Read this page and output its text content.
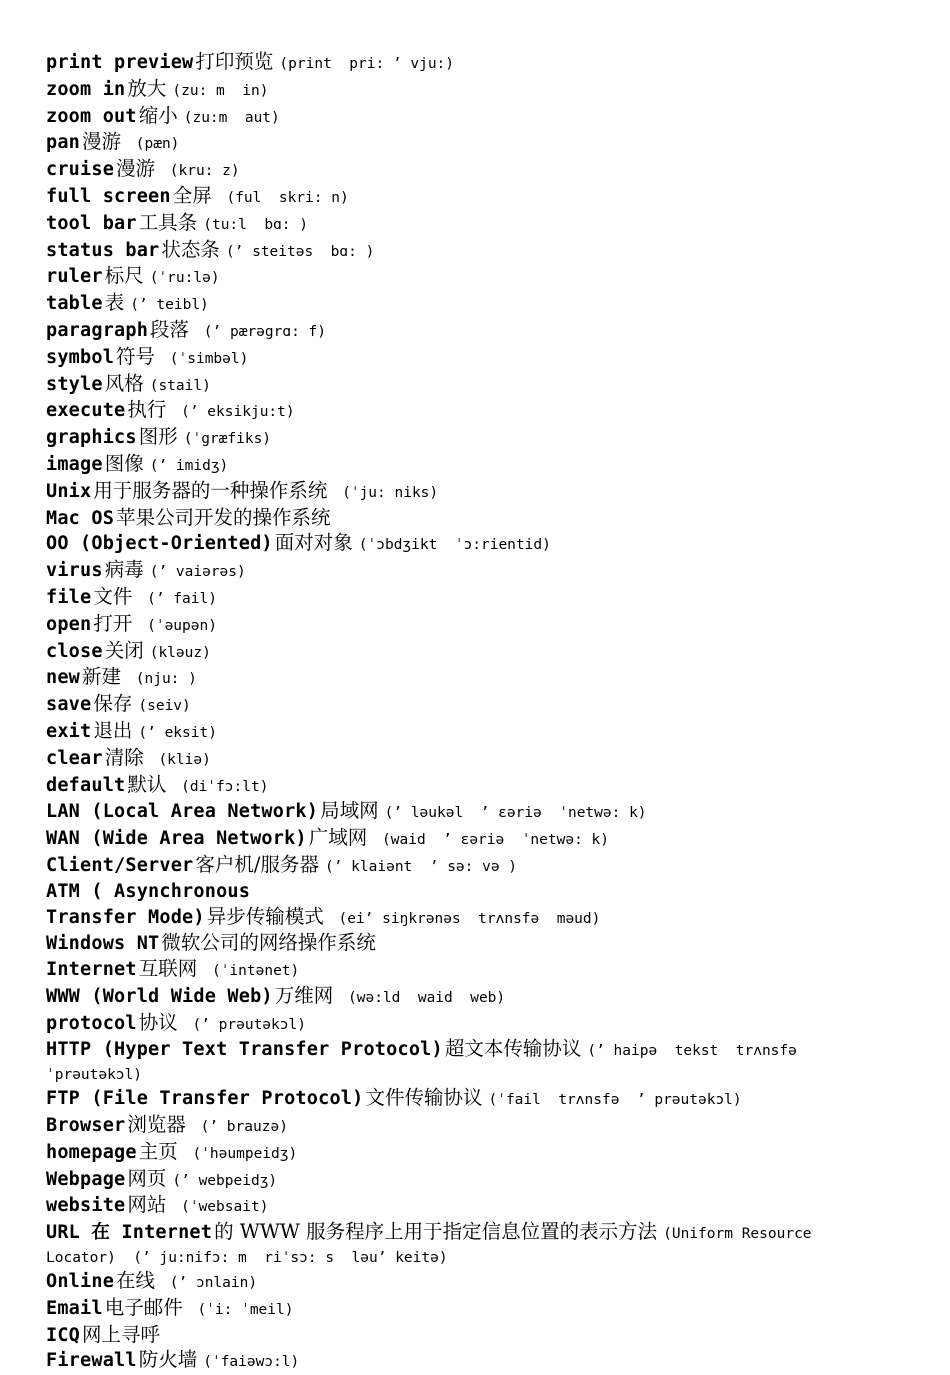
print preview 打印预览 (print  pri: ’ vju:)
zoom in 放大 (zu: m  in)
zoom out 缩小 (zu:m  aut)
pan 漫游 (pæn)
cruise 漫游 (kru: z)
full screen 全屏 (ful  skri: n)
tool bar 工具条 (tu:l  bɑ: )
status bar 状态条 (’ steitəs  bɑ: )
ruler 标尺 (ˈru:lə)
table 表 (’ teibl)
paragraph 段落 (’ pærəgrɑ: f)
symbol 符号 (ˈsimbəl)
style 风格 (stail)
execute 执行 (’ eksikju:t)
graphics 图形 (ˈgræfiks)
image 图像 (’ imidʒ)
Unix 用于服务器的一种操作系统 (ˈju: niks)
Mac OS 苹果公司开发的操作系统
OO (Object-Oriented) 面对对象 (ˈɔbdʒikt  ˈɔ:rientid)
virus 病毒 (’ vaiərəs)
file 文件 (’ fail)
open 打开 (ˈəupən)
close 关闭 (kləuz)
new 新建 (nju: )
save 保存 (seiv)
exit 退出 (’ eksit)
clear 清除 (kliə)
default 默认 (diˈfɔ:lt)
LAN (Local Area Network) 局域网 (’ ləukəl  ’ ɛəriə  ˈnetwə: k)
WAN (Wide Area Network) 广域网 (waid  ’ ɛəriə  ˈnetwə: k)
Client/Server 客户机/服务器 (’ klaiənt  ’ sə: və )
ATM ( Asynchronous
Transfer Mode) 异步传输模式 (ei’ siŋkrənəs  trʌnsfə  məud)
Windows NT 微软公司的网络操作系统
Internet 互联网 (ˈintənet)
WWW (World Wide Web) 万维网 (wə:ld  waid  web)
protocol 协议 (’ prəutəkɔl)
HTTP (Hyper Text Transfer Protocol) 超文本传输协议 (’ haipə  tekst  trʌnsfə
ˈprəutəkɔl)
FTP (File Transfer Protocol) 文件传输协议 (ˈfail  trʌnsfə  ’ prəutəkɔl)
Browser 浏览器 (’ brauzə)
homepage 主页 (ˈhəumpeidʒ)
Webpage 网页 (’ webpeidʒ)
website 网站 (ˈwebsait)
URL 在 Internet 的 WWW 服务程序上用于指定信息位置的表示方法 (Uniform Resource
Locator)  (’ ju:nifɔ: m  riˈsɔ: s  ləu’ keitə)
Online 在线 (’ ɔnlain)
Email 电子邮件 (ˈi: ˈmeil)
ICQ 网上寻呼
Firewall 防火墙 (ˈfaiəwɔ:l)
